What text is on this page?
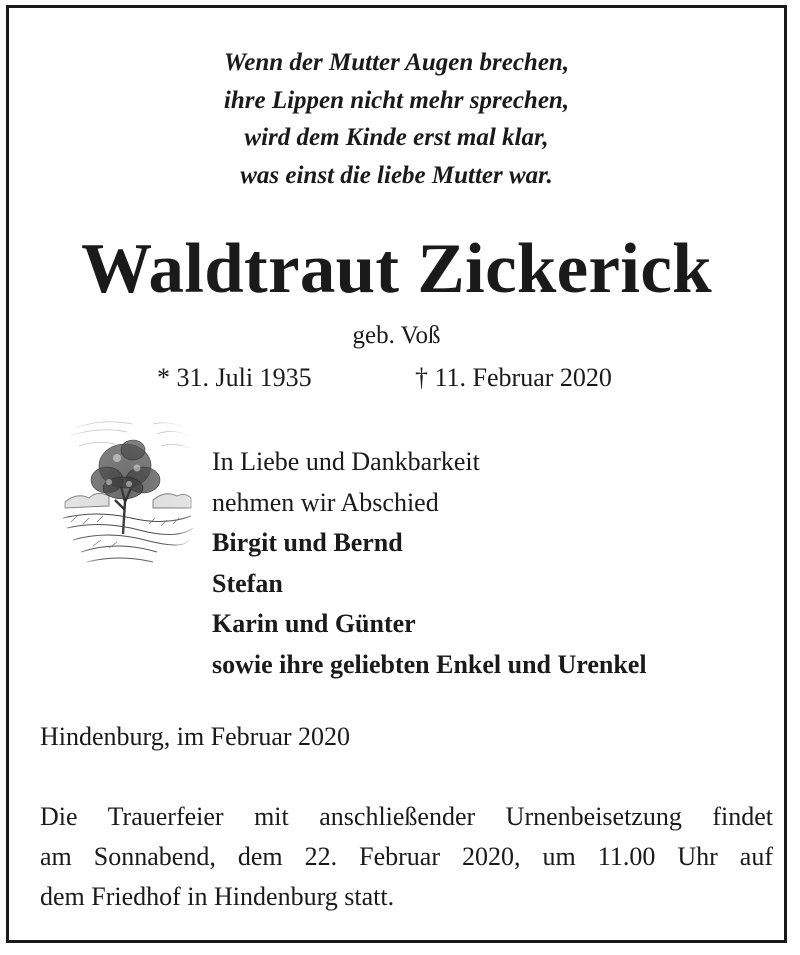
Wenn der Mutter Augen brechen,
ihre Lippen nicht mehr sprechen,
wird dem Kinde erst mal klar,
was einst die liebe Mutter war.
Waldtraut Zickerick
geb. Voß
* 31. Juli 1935	† 11. Februar 2020
In Liebe und Dankbarkeit
nehmen wir Abschied
Birgit und Bernd
Stefan
Karin und Günter
sowie ihre geliebten Enkel und Urenkel
Hindenburg, im Februar 2020
Die Trauerfeier mit anschließender Urnenbeisetzung findet
am Sonnabend, dem 22. Februar 2020, um 11.00 Uhr auf
dem Friedhof in Hindenburg statt.
